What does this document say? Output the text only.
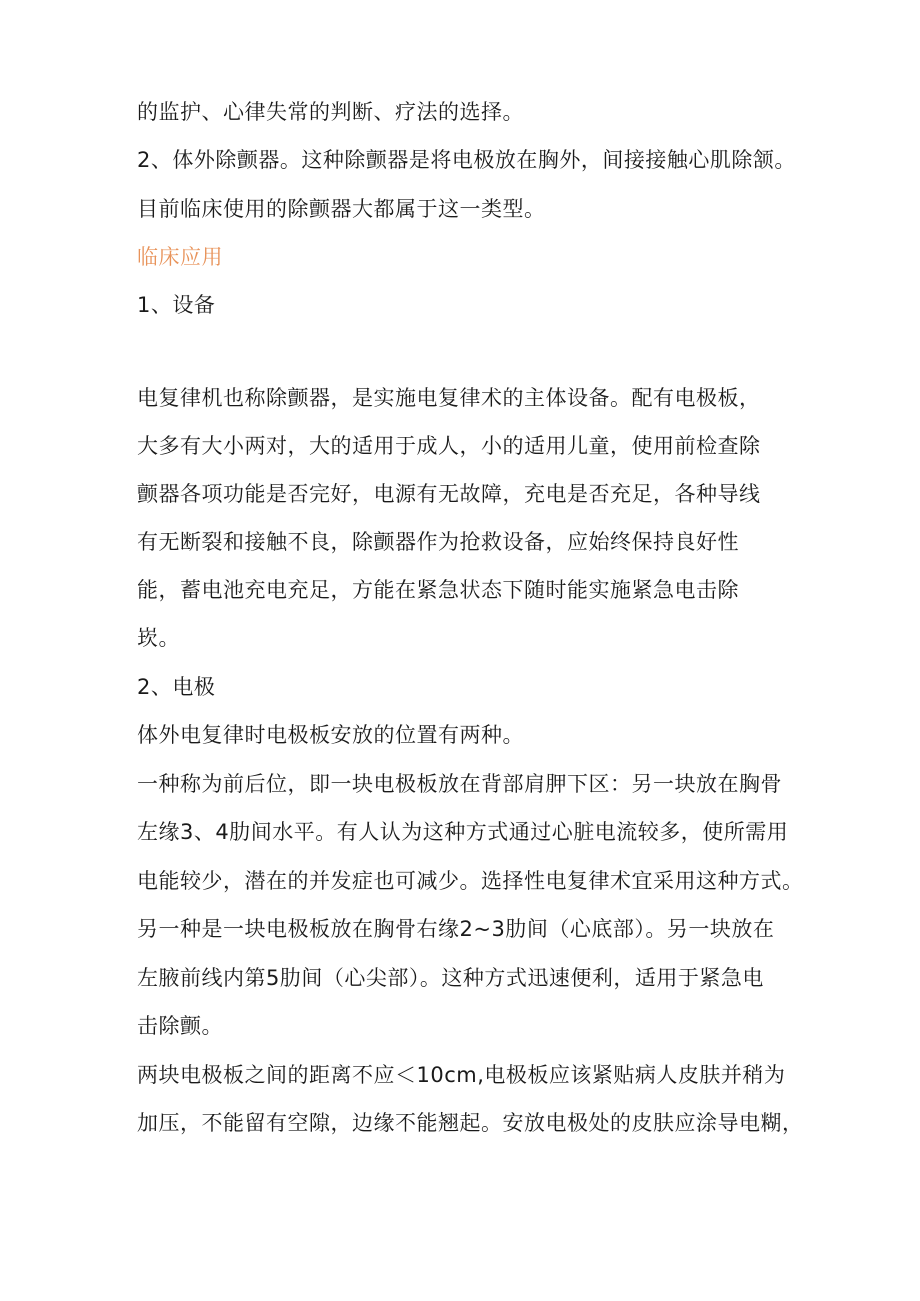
的监护、心律失常的判断、疗法的选择。
2、体外除颤器。这种除颤器是将电极放在胸外，间接接触心肌除颔。
目前临床使用的除颤器大都属于这一类型。
临床应用
1、设备
电复律机也称除颤器，是实施电复律术的主体设备。配有电极板，
大多有大小两对，大的适用于成人，小的适用儿童，使用前检查除
颤器各项功能是否完好，电源有无故障，充电是否充足，各种导线
有无断裂和接触不良，除颤器作为抢救设备，应始终保持良好性
能，蓄电池充电充足，方能在紧急状态下随时能实施紧急电击除
崁。
2、电极
体外电复律时电极板安放的位置有两种。
一种称为前后位，即一块电极板放在背部肩胛下区：另一块放在胸骨
左缘3、4肋间水平。有人认为这种方式通过心脏电流较多，使所需用
电能较少，潜在的并发症也可减少。选择性电复律术宜采用这种方式。
另一种是一块电极板放在胸骨右缘2~3肋间（心底部）。另一块放在
左腋前线内第5肋间（心尖部）。这种方式迅速便利，适用于紧急电
击除颤。
两块电极板之间的距离不应＜10cm,电极板应该紧贴病人皮肤并稍为
加压，不能留有空隙，边缘不能翘起。安放电极处的皮肤应涂导电糊，
